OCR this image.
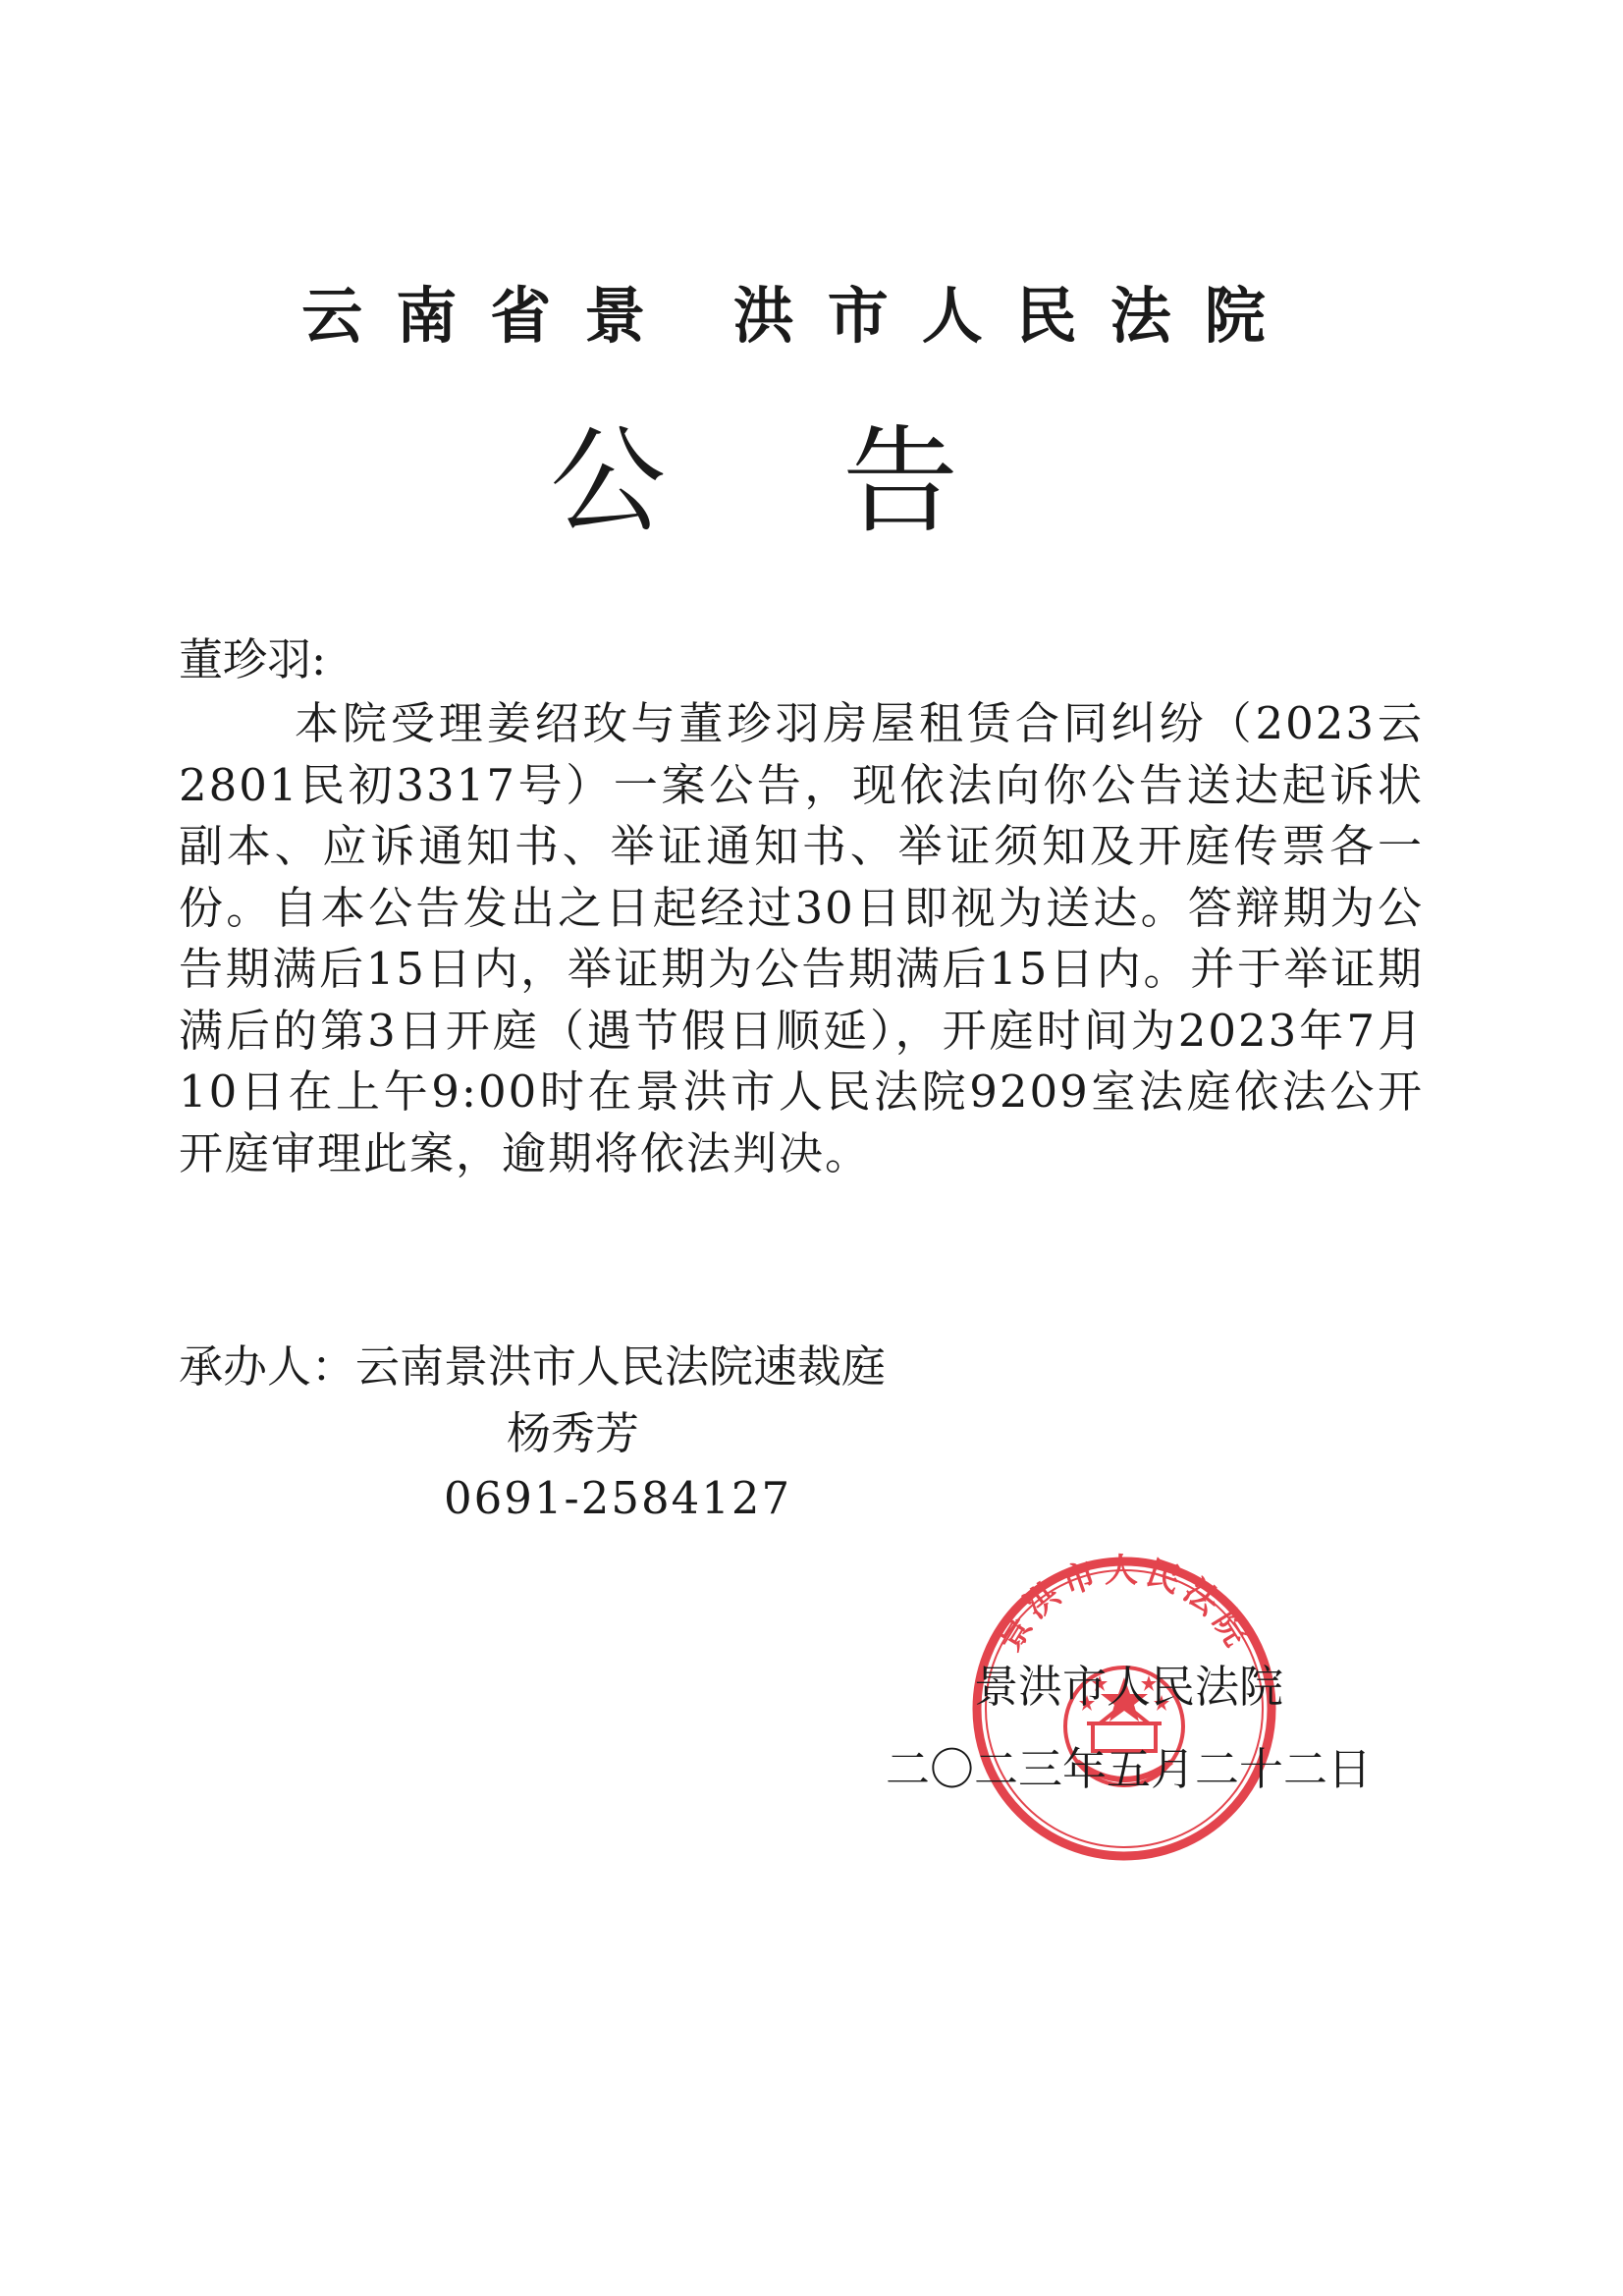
云南省景 洪市人民法院
公告
董珍羽:
本院受理姜绍玫与董珍羽房屋租赁合同纠纷（2023云2801民初3317号）一案公告，现依法向你公告送达起诉状副本、应诉通知书、举证通知书、举证须知及开庭传票各一份。自本公告发出之日起经过30日即视为送达。答辩期为公告期满后15日内，举证期为公告期满后15日内。并于举证期满后的第3日开庭（遇节假日顺延），开庭时间为2023年7月10日在上午9:00时在景洪市人民法院9209室法庭依法公开开庭审理此案，逾期将依法判决。
承办人：云南景洪市人民法院速裁庭
杨秀芳
0691-2584127
景洪市人民法院
景洪市人民法院
二〇二三年五月二十二日
